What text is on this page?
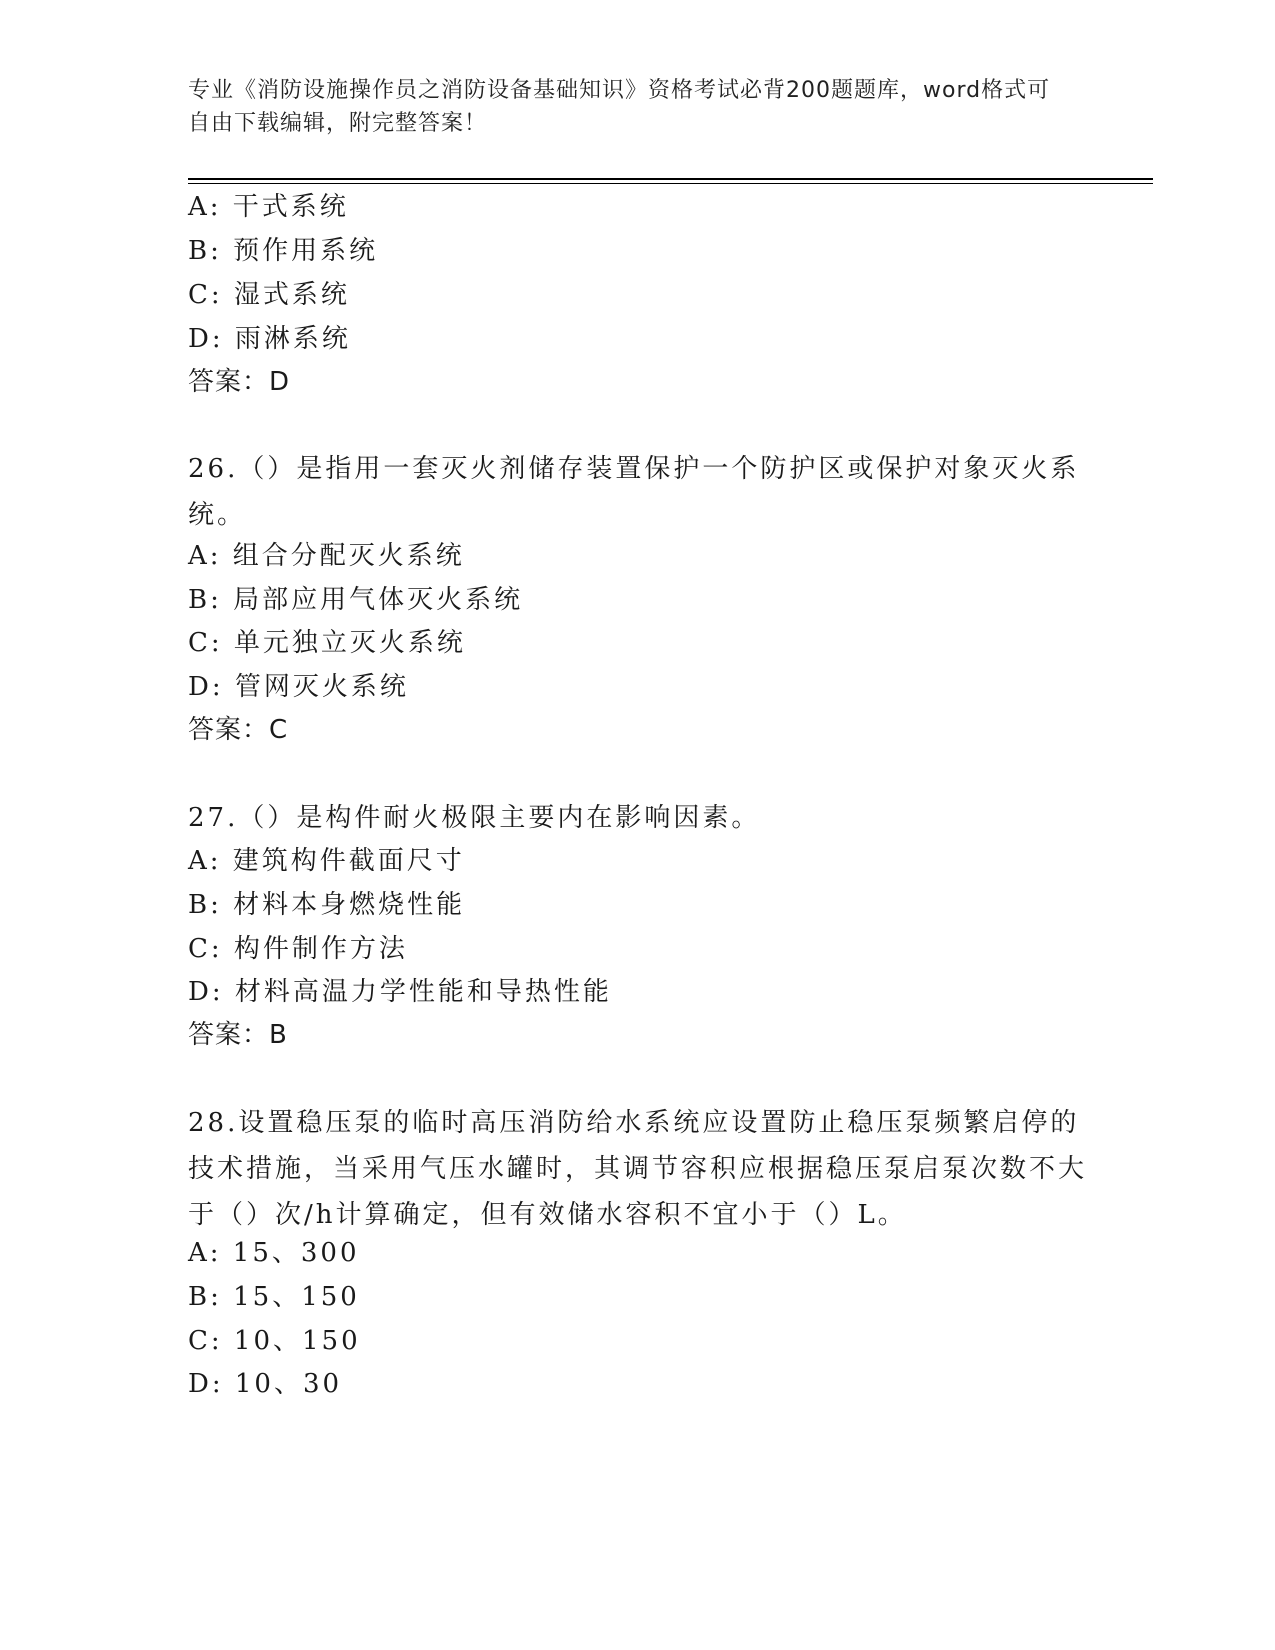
专业《消防设施操作员之消防设备基础知识》资格考试必背200题题库，word格式可自由下载编辑，附完整答案！
A: 干式系统
B: 预作用系统
C: 湿式系统
D: 雨淋系统
答案：D
26.（）是指用一套灭火剂储存装置保护一个防护区或保护对象灭火系统。
A: 组合分配灭火系统
B: 局部应用气体灭火系统
C: 单元独立灭火系统
D: 管网灭火系统
答案：C
27.（）是构件耐火极限主要内在影响因素。
A: 建筑构件截面尺寸
B: 材料本身燃烧性能
C: 构件制作方法
D: 材料高温力学性能和导热性能
答案：B
28.设置稳压泵的临时高压消防给水系统应设置防止稳压泵频繁启停的技术措施，当采用气压水罐时，其调节容积应根据稳压泵启泵次数不大于（）次/h计算确定，但有效储水容积不宜小于（）L。
A: 15、300
B: 15、150
C: 10、150
D: 10、30
